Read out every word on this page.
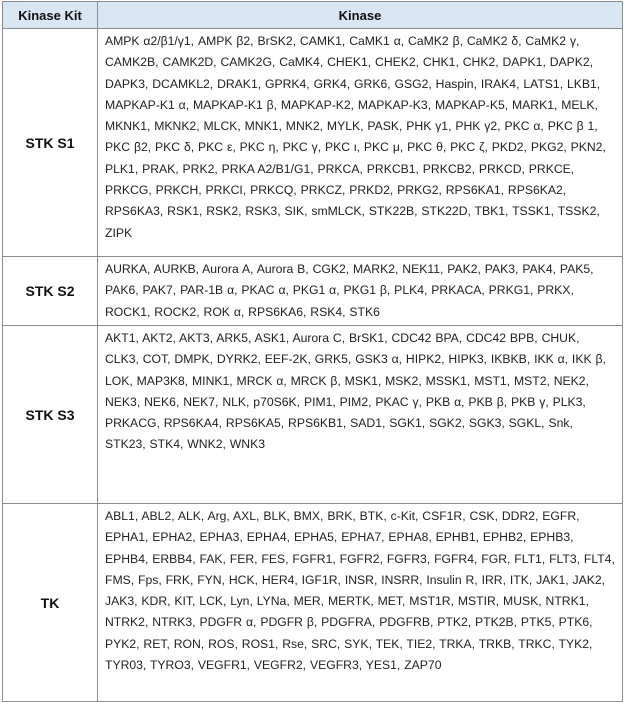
Kinase Kit	Kinase
STK S1	AMPK α2/β1/γ1, AMPK β2, BrSK2, CAMK1, CaMK1 α, CaMK2 β, CaMK2 δ, CaMK2 γ, CAMK2B, CAMK2D, CAMK2G, CaMK4, CHEK1, CHEK2, CHK1, CHK2, DAPK1, DAPK2, DAPK3, DCAMKL2, DRAK1, GPRK4, GRK4, GRK6, GSG2, Haspin, IRAK4, LATS1, LKB1, MAPKAP-K1 α, MAPKAP-K1 β, MAPKAP-K2, MAPKAP-K3, MAPKAP-K5, MARK1, MELK, MKNK1, MKNK2, MLCK, MNK1, MNK2, MYLK, PASK, PHK γ1, PHK γ2, PKC α, PKC β 1, PKC β2, PKC δ, PKC ε, PKC η, PKC γ, PKC ι, PKC μ, PKC θ, PKC ζ, PKD2, PKG2, PKN2, PLK1, PRAK, PRK2, PRKA A2/B1/G1, PRKCA, PRKCB1, PRKCB2, PRKCD, PRKCE, PRKCG, PRKCH, PRKCI, PRKCQ, PRKCZ, PRKD2, PRKG2, RPS6KA1, RPS6KA2, RPS6KA3, RSK1, RSK2, RSK3, SIK, smMLCK, STK22B, STK22D, TBK1, TSSK1, TSSK2, ZIPK
STK S2	AURKA, AURKB, Aurora A, Aurora B, CGK2, MARK2, NEK11, PAK2, PAK3, PAK4, PAK5, PAK6, PAK7, PAR-1B α, PKAC α, PKG1 α, PKG1 β, PLK4, PRKACA, PRKG1, PRKX, ROCK1, ROCK2, ROK α, RPS6KA6, RSK4, STK6
STK S3	AKT1, AKT2, AKT3, ARK5, ASK1, Aurora C, BrSK1, CDC42 BPA, CDC42 BPB, CHUK, CLK3, COT, DMPK, DYRK2, EEF-2K, GRK5, GSK3 α, HIPK2, HIPK3, IKBKB, IKK α, IKK β, LOK, MAP3K8, MINK1, MRCK α, MRCK β, MSK1, MSK2, MSSK1, MST1, MST2, NEK2, NEK3, NEK6, NEK7, NLK, p70S6K, PIM1, PIM2, PKAC γ, PKB α, PKB β, PKB γ, PLK3, PRKACG, RPS6KA4, RPS6KA5, RPS6KB1, SAD1, SGK1, SGK2, SGK3, SGKL, Snk, STK23, STK4, WNK2, WNK3
TK	ABL1, ABL2, ALK, Arg, AXL, BLK, BMX, BRK, BTK, c-Kit, CSF1R, CSK, DDR2, EGFR, EPHA1, EPHA2, EPHA3, EPHA4, EPHA5, EPHA7, EPHA8, EPHB1, EPHB2, EPHB3, EPHB4, ERBB4, FAK, FER, FES, FGFR1, FGFR2, FGFR3, FGFR4, FGR, FLT1, FLT3, FLT4, FMS, Fps, FRK, FYN, HCK, HER4, IGF1R, INSR, INSRR, Insulin R, IRR, ITK, JAK1, JAK2, JAK3, KDR, KIT, LCK, Lyn, LYNa, MER, MERTK, MET, MST1R, MSTIR, MUSK, NTRK1, NTRK2, NTRK3, PDGFR α, PDGFR β, PDGFRA, PDGFRB, PTK2, PTK2B, PTK5, PTK6, PYK2, RET, RON, ROS, ROS1, Rse, SRC, SYK, TEK, TIE2, TRKA, TRKB, TRKC, TYK2, TYR03, TYRO3, VEGFR1, VEGFR2, VEGFR3, YES1, ZAP70
